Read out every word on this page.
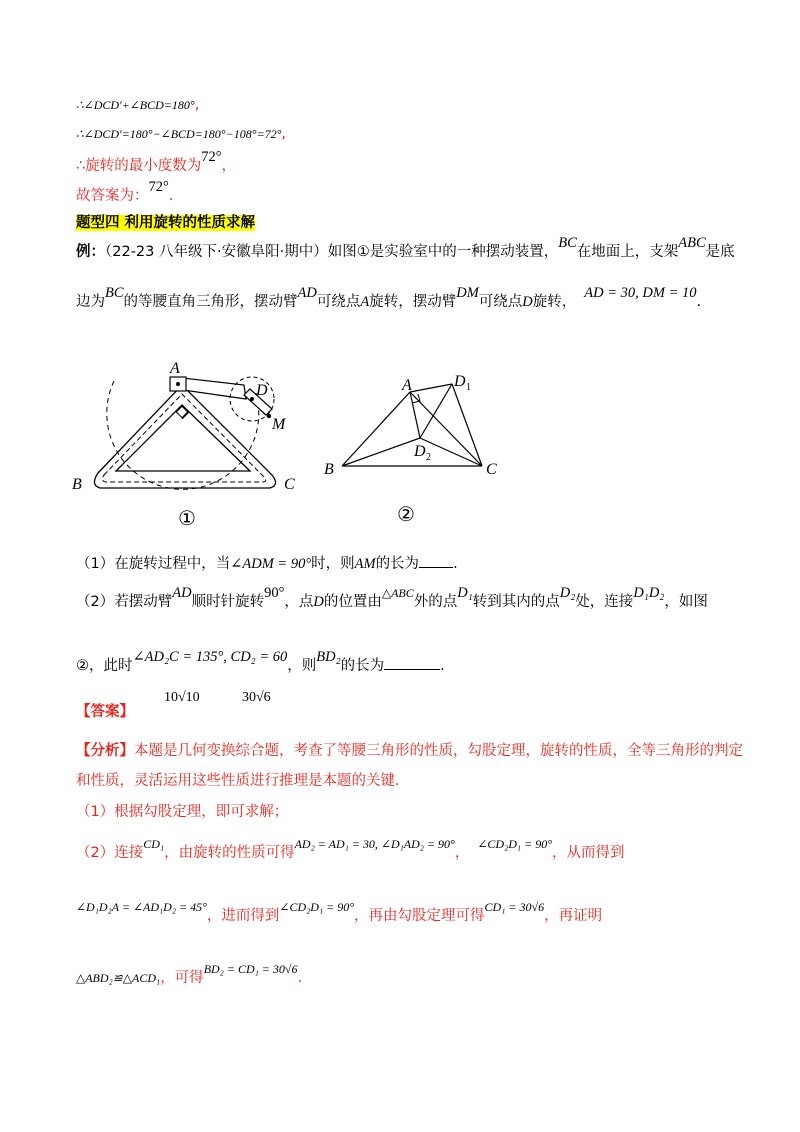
∴∠DCD′+∠BCD=180°,
∴∠DCD′=180°−∠BCD=180°−108°=72°,
∴旋转的最小度数为72°，
故答案为：72°．
题型四 利用旋转的性质求解
例：（22-23 八年级下·安徽阜阳·期中）如图①是实验室中的一种摆动装置，BC在地面上，支架ABC是底
边为BC的等腰直角三角形，摆动臂AD可绕点A旋转，摆动臂DM可绕点D旋转，AD = 30, DM = 10.
A
D
M
B	C
①
A	D 1
D 2
B	C
②
（1）在旋转过程中，当∠ADM = 90°时，则AM的长为 ．
（2）若摆动臂AD顺时针旋转90°，点D的位置由$^{\triangle ABC}$外的点D₁转到其内的点D₂处，连接D₁D₂，如图
②，此时∠AD₂C = 135°, CD₂ = 60，则BD₂的长为	．
【答案】
10√10	30√6
【分析】本题是几何变换综合题，考查了等腰三角形的性质，勾股定理，旋转的性质，全等三角形的判定
和性质，灵活运用这些性质进行推理是本题的关键．
（1）根据勾股定理，即可求解；
（2）连接$^{CD_1}$，由旋转的性质可得$^{AD_2 = AD_1 = 30, \angle D_1AD_2 = 90^\circ}$，$^{\angle CD_2D_1 = 90^\circ}$，从而得到
$^{\angle D_1D_2A = \angle AD_1D_2 = 45^\circ}$，进而得到$^{\angle CD_2D_1 = 90^\circ}$，再由勾股定理可得$^{CD_1 = 30√6}$，再证明
△ABD₂≌△ACD₁，可得$^{BD_2 = CD_1 = 30√6}$.
